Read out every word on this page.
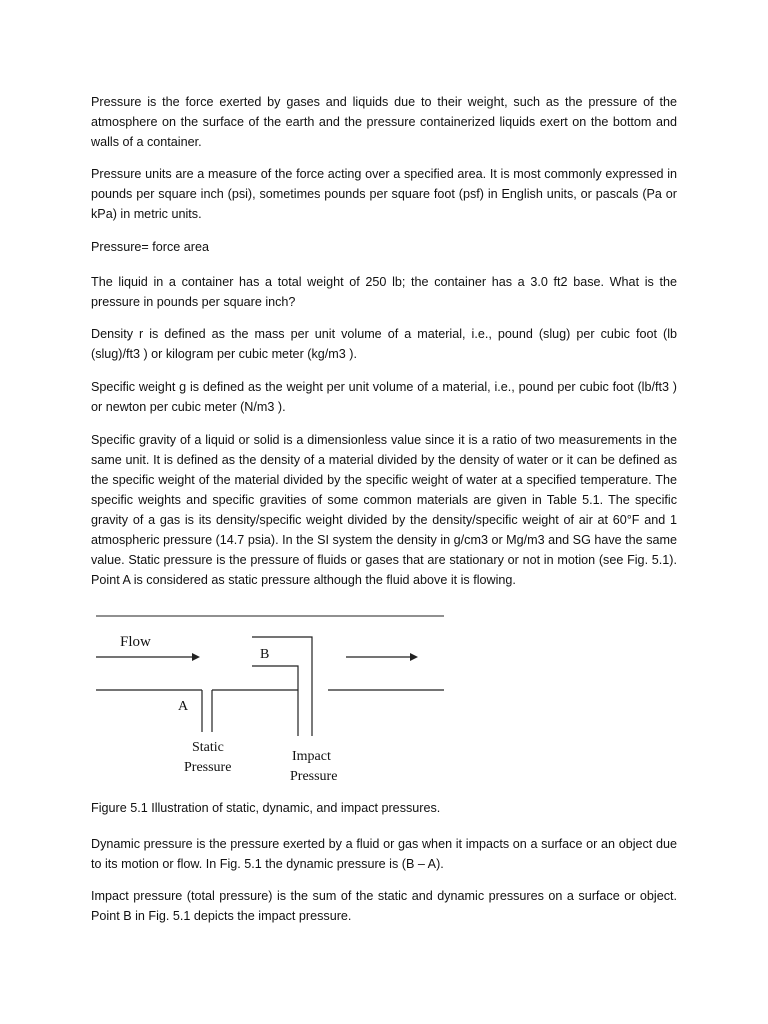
Pressure is the force exerted by gases and liquids due to their weight, such as the pressure of the atmosphere on the surface of the earth and the pressure containerized liquids exert on the bottom and walls of a container.

Pressure units are a measure of the force acting over a specified area. It is most commonly expressed in pounds per square inch (psi), sometimes pounds per square foot (psf) in English units, or pascals (Pa or kPa) in metric units.

Pressure= force area

The liquid in a container has a total weight of 250 lb; the container has a 3.0 ft2 base. What is the pressure in pounds per square inch?

Density r is defined as the mass per unit volume of a material, i.e., pound (slug) per cubic foot (lb (slug)/ft3 ) or kilogram per cubic meter (kg/m3 ).

Specific weight g is defined as the weight per unit volume of a material, i.e., pound per cubic foot (lb/ft3 ) or newton per cubic meter (N/m3 ).

Specific gravity of a liquid or solid is a dimensionless value since it is a ratio of two measurements in the same unit. It is defined as the density of a material divided by the density of water or it can be defined as the specific weight of the material divided by the specific weight of water at a specified temperature. The specific weights and specific gravities of some common materials are given in Table 5.1. The specific gravity of a gas is its density/specific weight divided by the density/specific weight of air at 60°F and 1 atmospheric pressure (14.7 psia). In the SI system the density in g/cm3 or Mg/m3 and SG have the same value. Static pressure is the pressure of fluids or gases that are stationary or not in motion (see Fig. 5.1). Point A is considered as static pressure although the fluid above it is flowing.

Flow
B
A
Static
Pressure
Impact
Pressure

Figure 5.1 Illustration of static, dynamic, and impact pressures.

Dynamic pressure is the pressure exerted by a fluid or gas when it impacts on a surface or an object due to its motion or flow. In Fig. 5.1 the dynamic pressure is (B – A).

Impact pressure (total pressure) is the sum of the static and dynamic pressures on a surface or object. Point B in Fig. 5.1 depicts the impact pressure.
